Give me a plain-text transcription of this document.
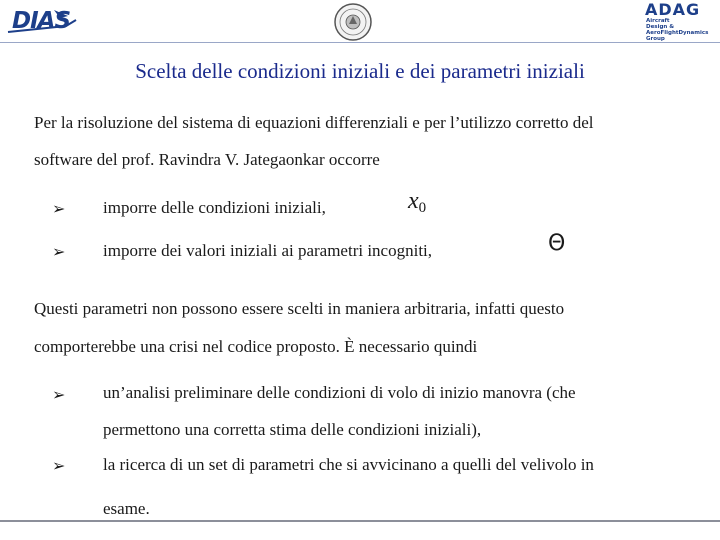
DIAS	ADAG
Aircraft
Design &
AeroFlightDynamics
Group
Scelta delle condizioni iniziali e dei parametri iniziali

Per la risoluzione del sistema di equazioni differenziali e per l’utilizzo corretto del

software del prof. Ravindra V. Jategaonkar occorre

➢ imporre delle condizioni iniziali,	$x_0$
➢ imporre dei valori iniziali ai parametri incogniti,	Θ

Questi parametri non possono essere scelti in maniera arbitraria, infatti questo

comporterebbe una crisi nel codice proposto. È necessario quindi

➢ un’analisi preliminare delle condizioni di volo di inizio manovra (che
permettono una corretta stima delle condizioni iniziali),
➢ la ricerca di un set di parametri che si avvicinano a quelli del velivolo in
esame.
